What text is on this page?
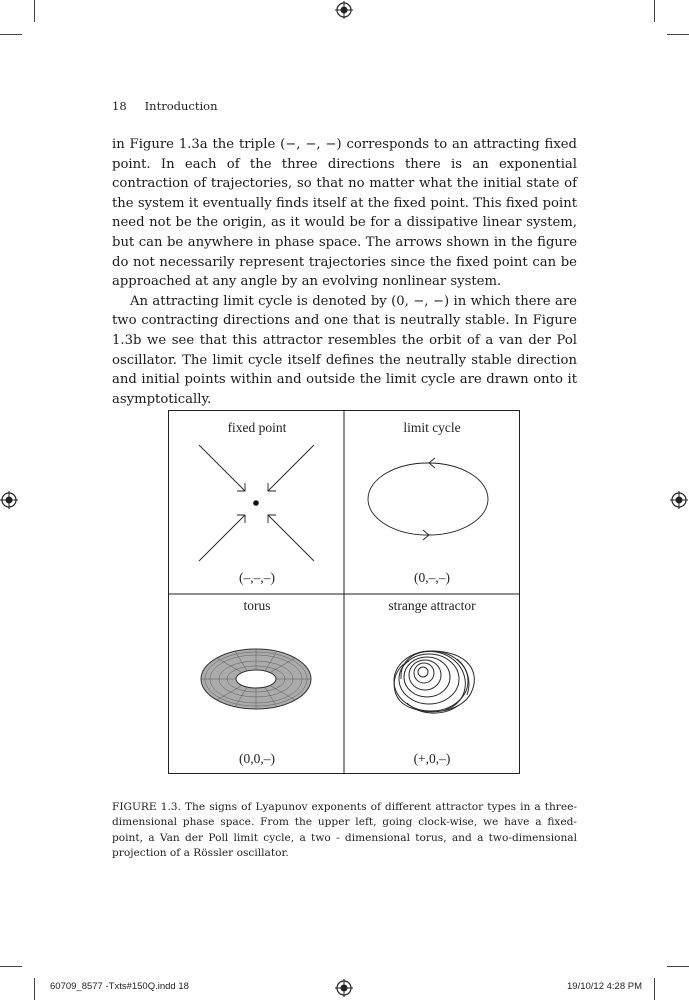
18 Introduction

in Figure 1.3a the triple (−, −, −) corresponds to an attracting fixed point. In each of the three directions there is an exponential contraction of trajectories, so that no matter what the initial state of the system it eventually finds itself at the fixed point. This fixed point need not be the origin, as it would be for a dissipative linear system, but can be anywhere in phase space. The arrows shown in the figure do not necessarily represent trajectories since the fixed point can be approached at any angle by an evolving nonlinear system.

An attracting limit cycle is denoted by (0, −, −) in which there are two contracting directions and one that is neutrally stable. In Figure 1.3b we see that this attractor resembles the orbit of a van der Pol oscillator. The limit cycle itself defines the neutrally stable direction and initial points within and outside the limit cycle are drawn onto it asymptotically.

fixed point	limit cycle
torus	strange attractor
(–,–,–)	(0,–,–)
(0,0,–)	(+,0,–)
FIGURE 1.3. The signs of Lyapunov exponents of different attractor types in a three-dimensional phase space. From the upper left, going clock-wise, we have a fixed-point, a Van der Poll limit cycle, a two - dimensional torus, and a two-dimensional projection of a Rössler oscillator.
60709_8577 -Txts#150Q.indd 18	19/10/12 4:28 PM
